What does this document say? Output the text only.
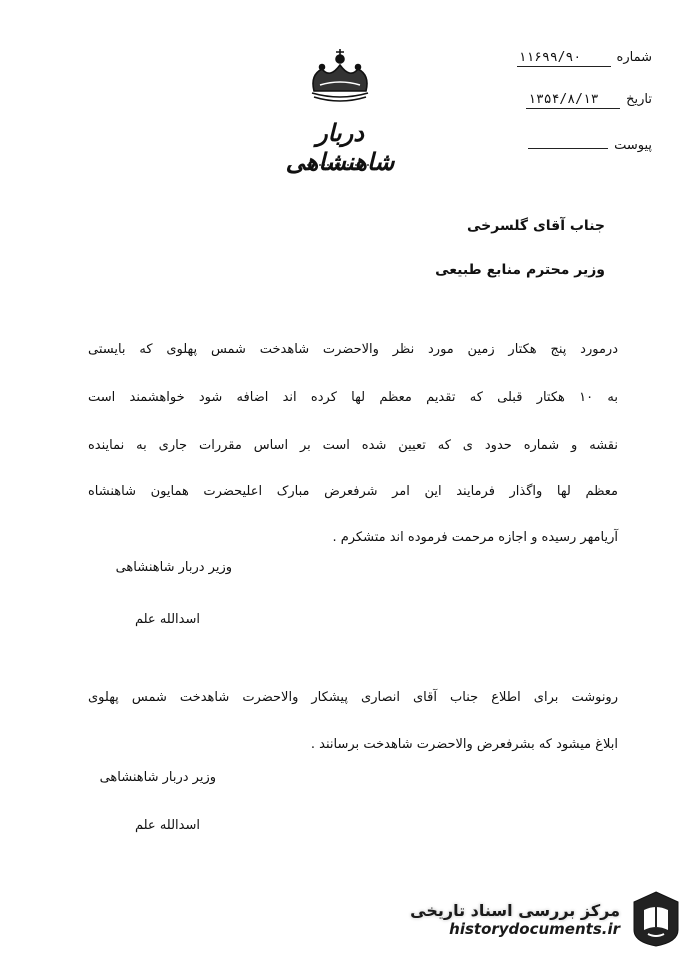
دربار شاهنشاهی
شماره
۱۱۶۹۹/۹۰
تاریخ
۱۳۵۴/۸/۱۳
پیوست
جناب آقای گلسرخی
وزیر محترم منابع طبیعی
درمورد پنج هکتار زمین مورد نظر والاحضرت شاهدخت شمس پهلوی که بایستی
به ۱۰ هکتار قبلی که تقدیم معظم لها کرده اند اضافه شود خواهشمند است
نقشه و شماره حدود ی که تعیین شده است بر اساس مقررات جاری به نماینده
معظم لها واگذار فرمایند این امر شرفعرض مبارک اعلیحضرت همایون شاهنشاه
آریامهر رسیده و اجازه مرحمت فرموده اند متشکرم .
وزیر دربار شاهنشاهی
اسدالله علم
رونوشت برای اطلاع جناب آقای انصاری پیشکار والاحضرت شاهدخت شمس پهلوی
ابلاغ میشود که بشرفعرض والاحضرت شاهدخت برسانند .
وزیر دربار شاهنشاهی
اسدالله علم
مرکز بررسی اسناد تاریخی
historydocuments.ir
